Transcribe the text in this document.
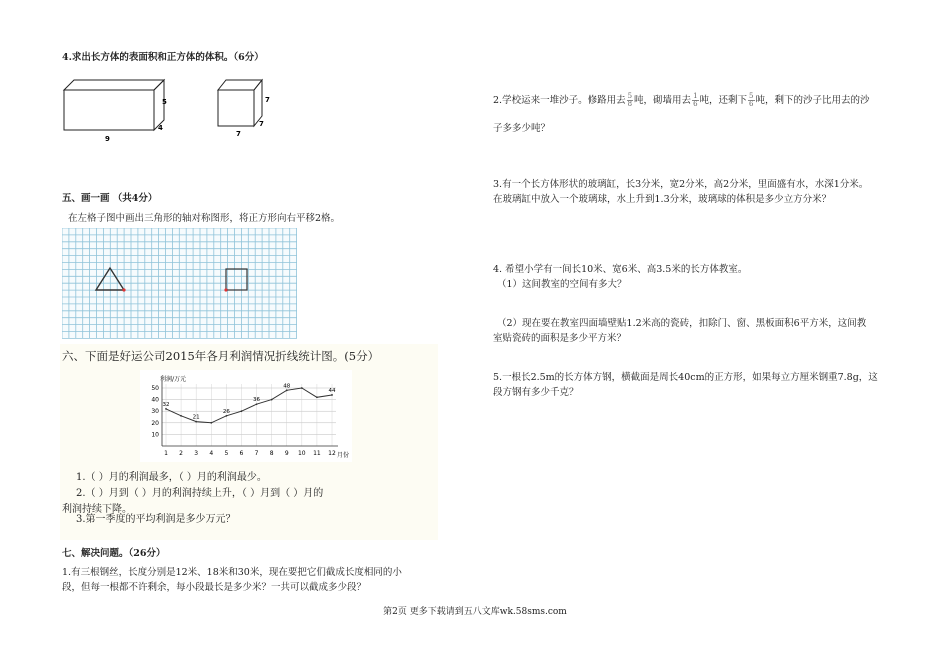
4.求出长方体的表面积和正方体的体积。（6分）
5
4
9
7
7
7
五、画一画 （共4分）
在左格子图中画出三角形的轴对称图形，将正方形向右平移2格。
六、下面是好运公司2015年各月利润情况折线统计图。(5分）
利润/万元
月份
10
20
30
40
50
1 2 3 4 5 6 7 8 9 10 11 12
32
21
26
36
48
44
1.（ ）月的利润最多，（ ）月的利润最少。
2.（ ）月到（ ）月的利润持续上升，（ ）月到（ ）月的
利润持续下降。
3.第一季度的平均利润是多少万元？
七、解决问题。（26分）
1.有三根钢丝，长度分别是12米、18米和30米，现在要把它们截成长度相同的小
段，但每一根都不许剩余，每小段最长是多少米？一共可以截成多少段？
2.学校运来一堆沙子。修路用去 $\frac{5}{8}$ 吨，砌墙用去 $\frac{1}{6}$ 吨，还剩下 $\frac{5}{6}$ 吨，剩下的沙子比用去的沙
子多多少吨？
3.有一个长方体形状的玻璃缸，长3分米，宽2分米，高2分米，里面盛有水，水深1分米。
在玻璃缸中放入一个玻璃球，水上升到1.3分米，玻璃球的体积是多少立方分米？
4. 希望小学有一间长10米、宽6米、高3.5米的长方体教室。
（1）这间教室的空间有多大？
（2）现在要在教室四面墙壁贴1.2米高的瓷砖，扣除门、窗、黑板面积6平方米，这间教
室贴瓷砖的面积是多少平方米？
5.一根长2.5m的长方体方钢，横截面是周长40cm的正方形，如果每立方厘米钢重7.8g，这
段方钢有多少千克？
第2页 更多下载请到五八文库wk.58sms.com
